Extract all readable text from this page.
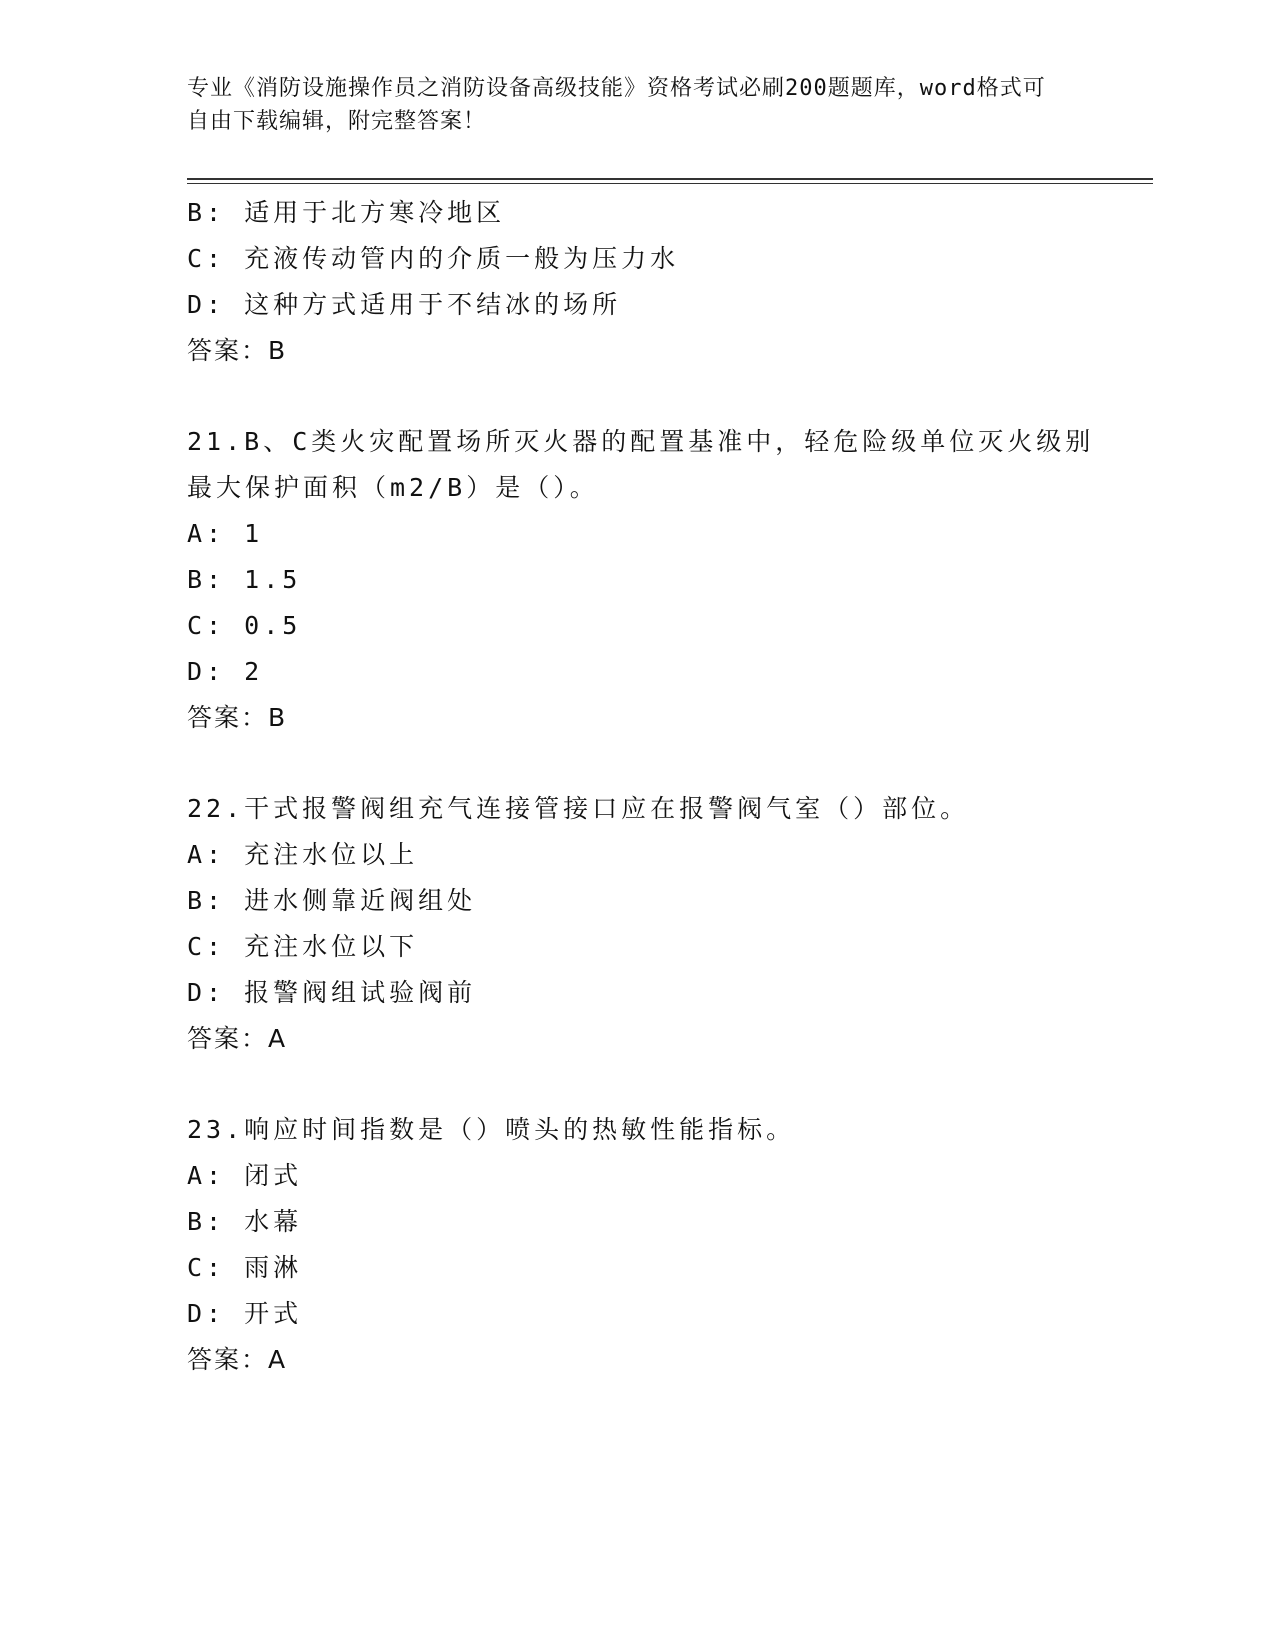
专业《消防设施操作员之消防设备高级技能》资格考试必刷200题题库，word格式可自由下载编辑，附完整答案！
B: 适用于北方寒冷地区
C: 充液传动管内的介质一般为压力水
D: 这种方式适用于不结冰的场所
答案：B
21.B、C类火灾配置场所灭火器的配置基准中，轻危险级单位灭火级别
最大保护面积（m2/B）是（）。
A: 1
B: 1.5
C: 0.5
D: 2
答案：B
22.干式报警阀组充气连接管接口应在报警阀气室（）部位。
A: 充注水位以上
B: 进水侧靠近阀组处
C: 充注水位以下
D: 报警阀组试验阀前
答案：A
23.响应时间指数是（）喷头的热敏性能指标。
A: 闭式
B: 水幕
C: 雨淋
D: 开式
答案：A
